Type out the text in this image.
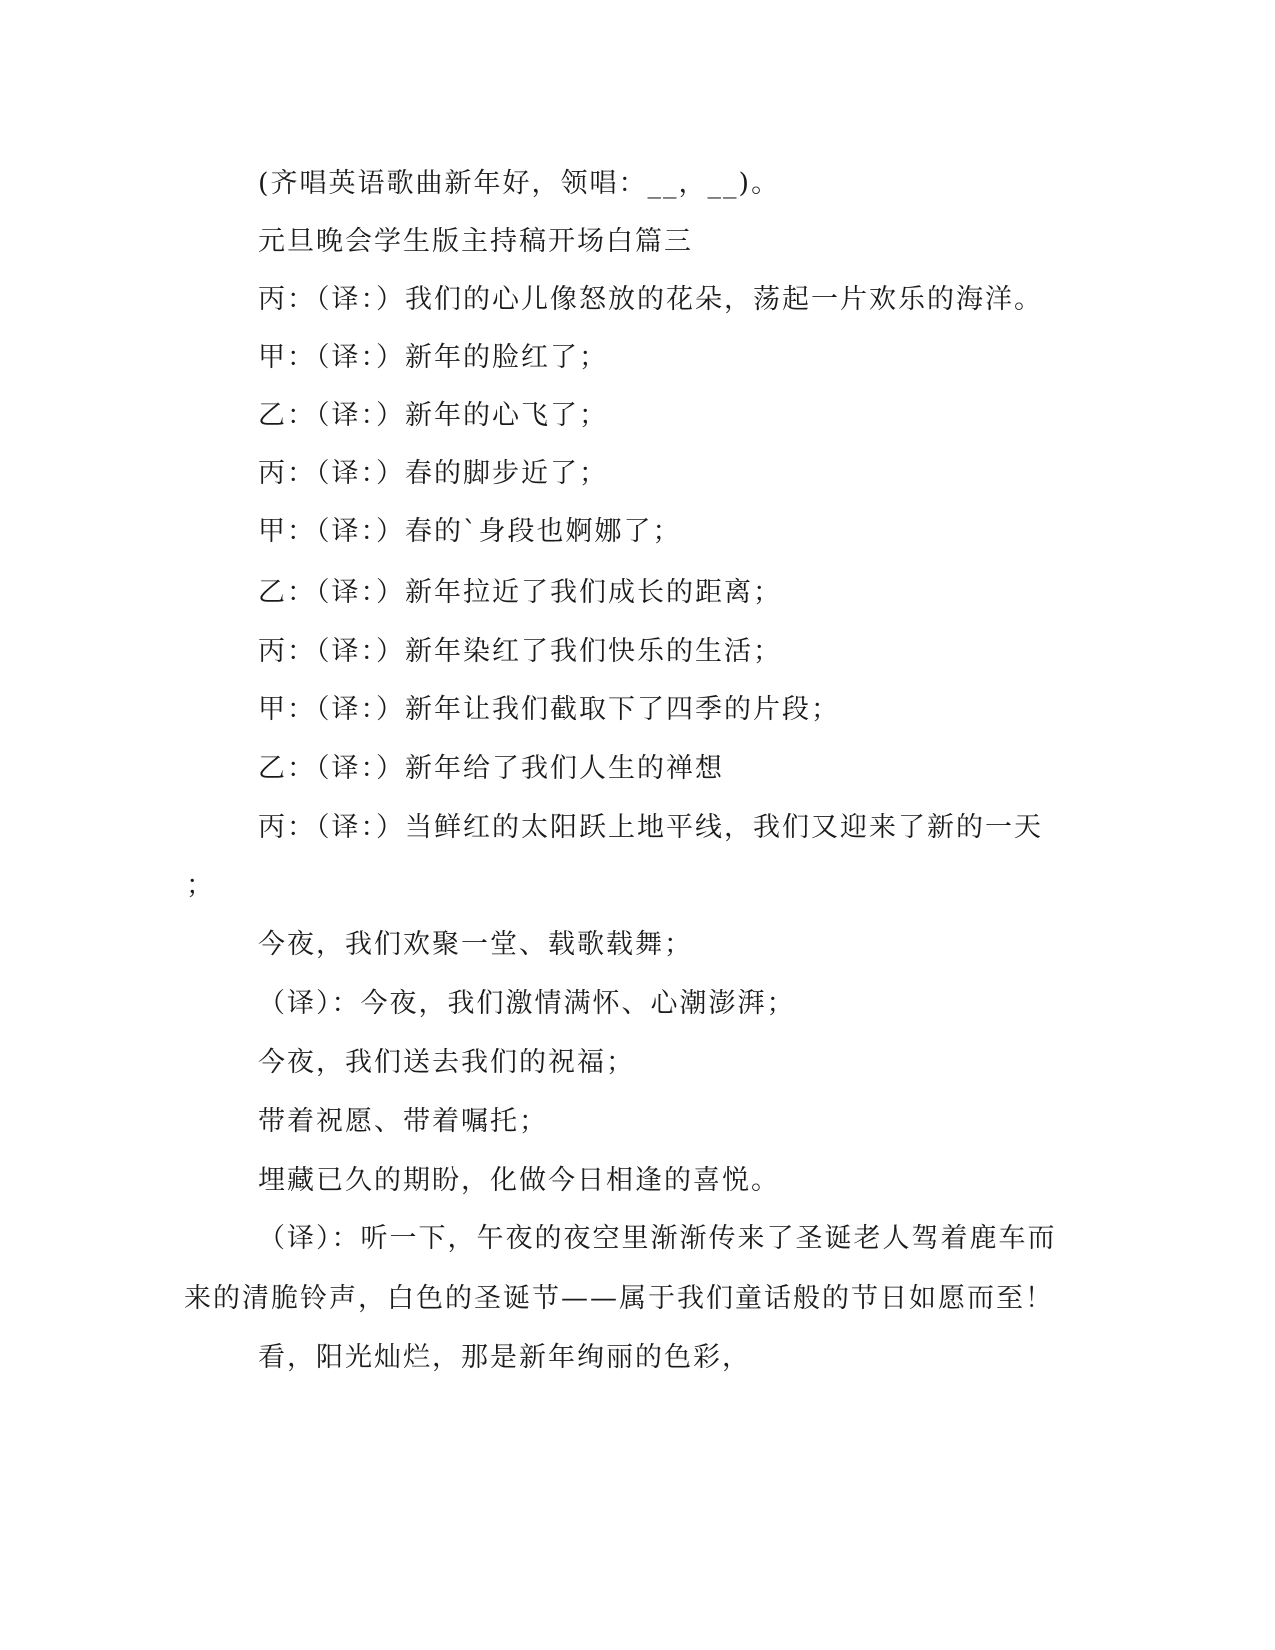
(齐唱英语歌曲新年好，领唱：__，__)。
元旦晚会学生版主持稿开场白篇三
丙：（译：）我们的心儿像怒放的花朵，荡起一片欢乐的海洋。
甲：（译：）新年的脸红了；
乙：（译：）新年的心飞了；
丙：（译：）春的脚步近了；
甲：（译：）春的`身段也婀娜了；
乙：（译：）新年拉近了我们成长的距离；
丙：（译：）新年染红了我们快乐的生活；
甲：（译：）新年让我们截取下了四季的片段；
乙：（译：）新年给了我们人生的禅想
丙：（译：）当鲜红的太阳跃上地平线，我们又迎来了新的一天
；
今夜，我们欢聚一堂、载歌载舞；
（译）：今夜，我们激情满怀、心潮澎湃；
今夜，我们送去我们的祝福；
带着祝愿、带着嘱托；
埋藏已久的期盼，化做今日相逢的喜悦。
（译）：听一下，午夜的夜空里渐渐传来了圣诞老人驾着鹿车而
来的清脆铃声，白色的圣诞节——属于我们童话般的节日如愿而至！
看，阳光灿烂，那是新年绚丽的色彩，
